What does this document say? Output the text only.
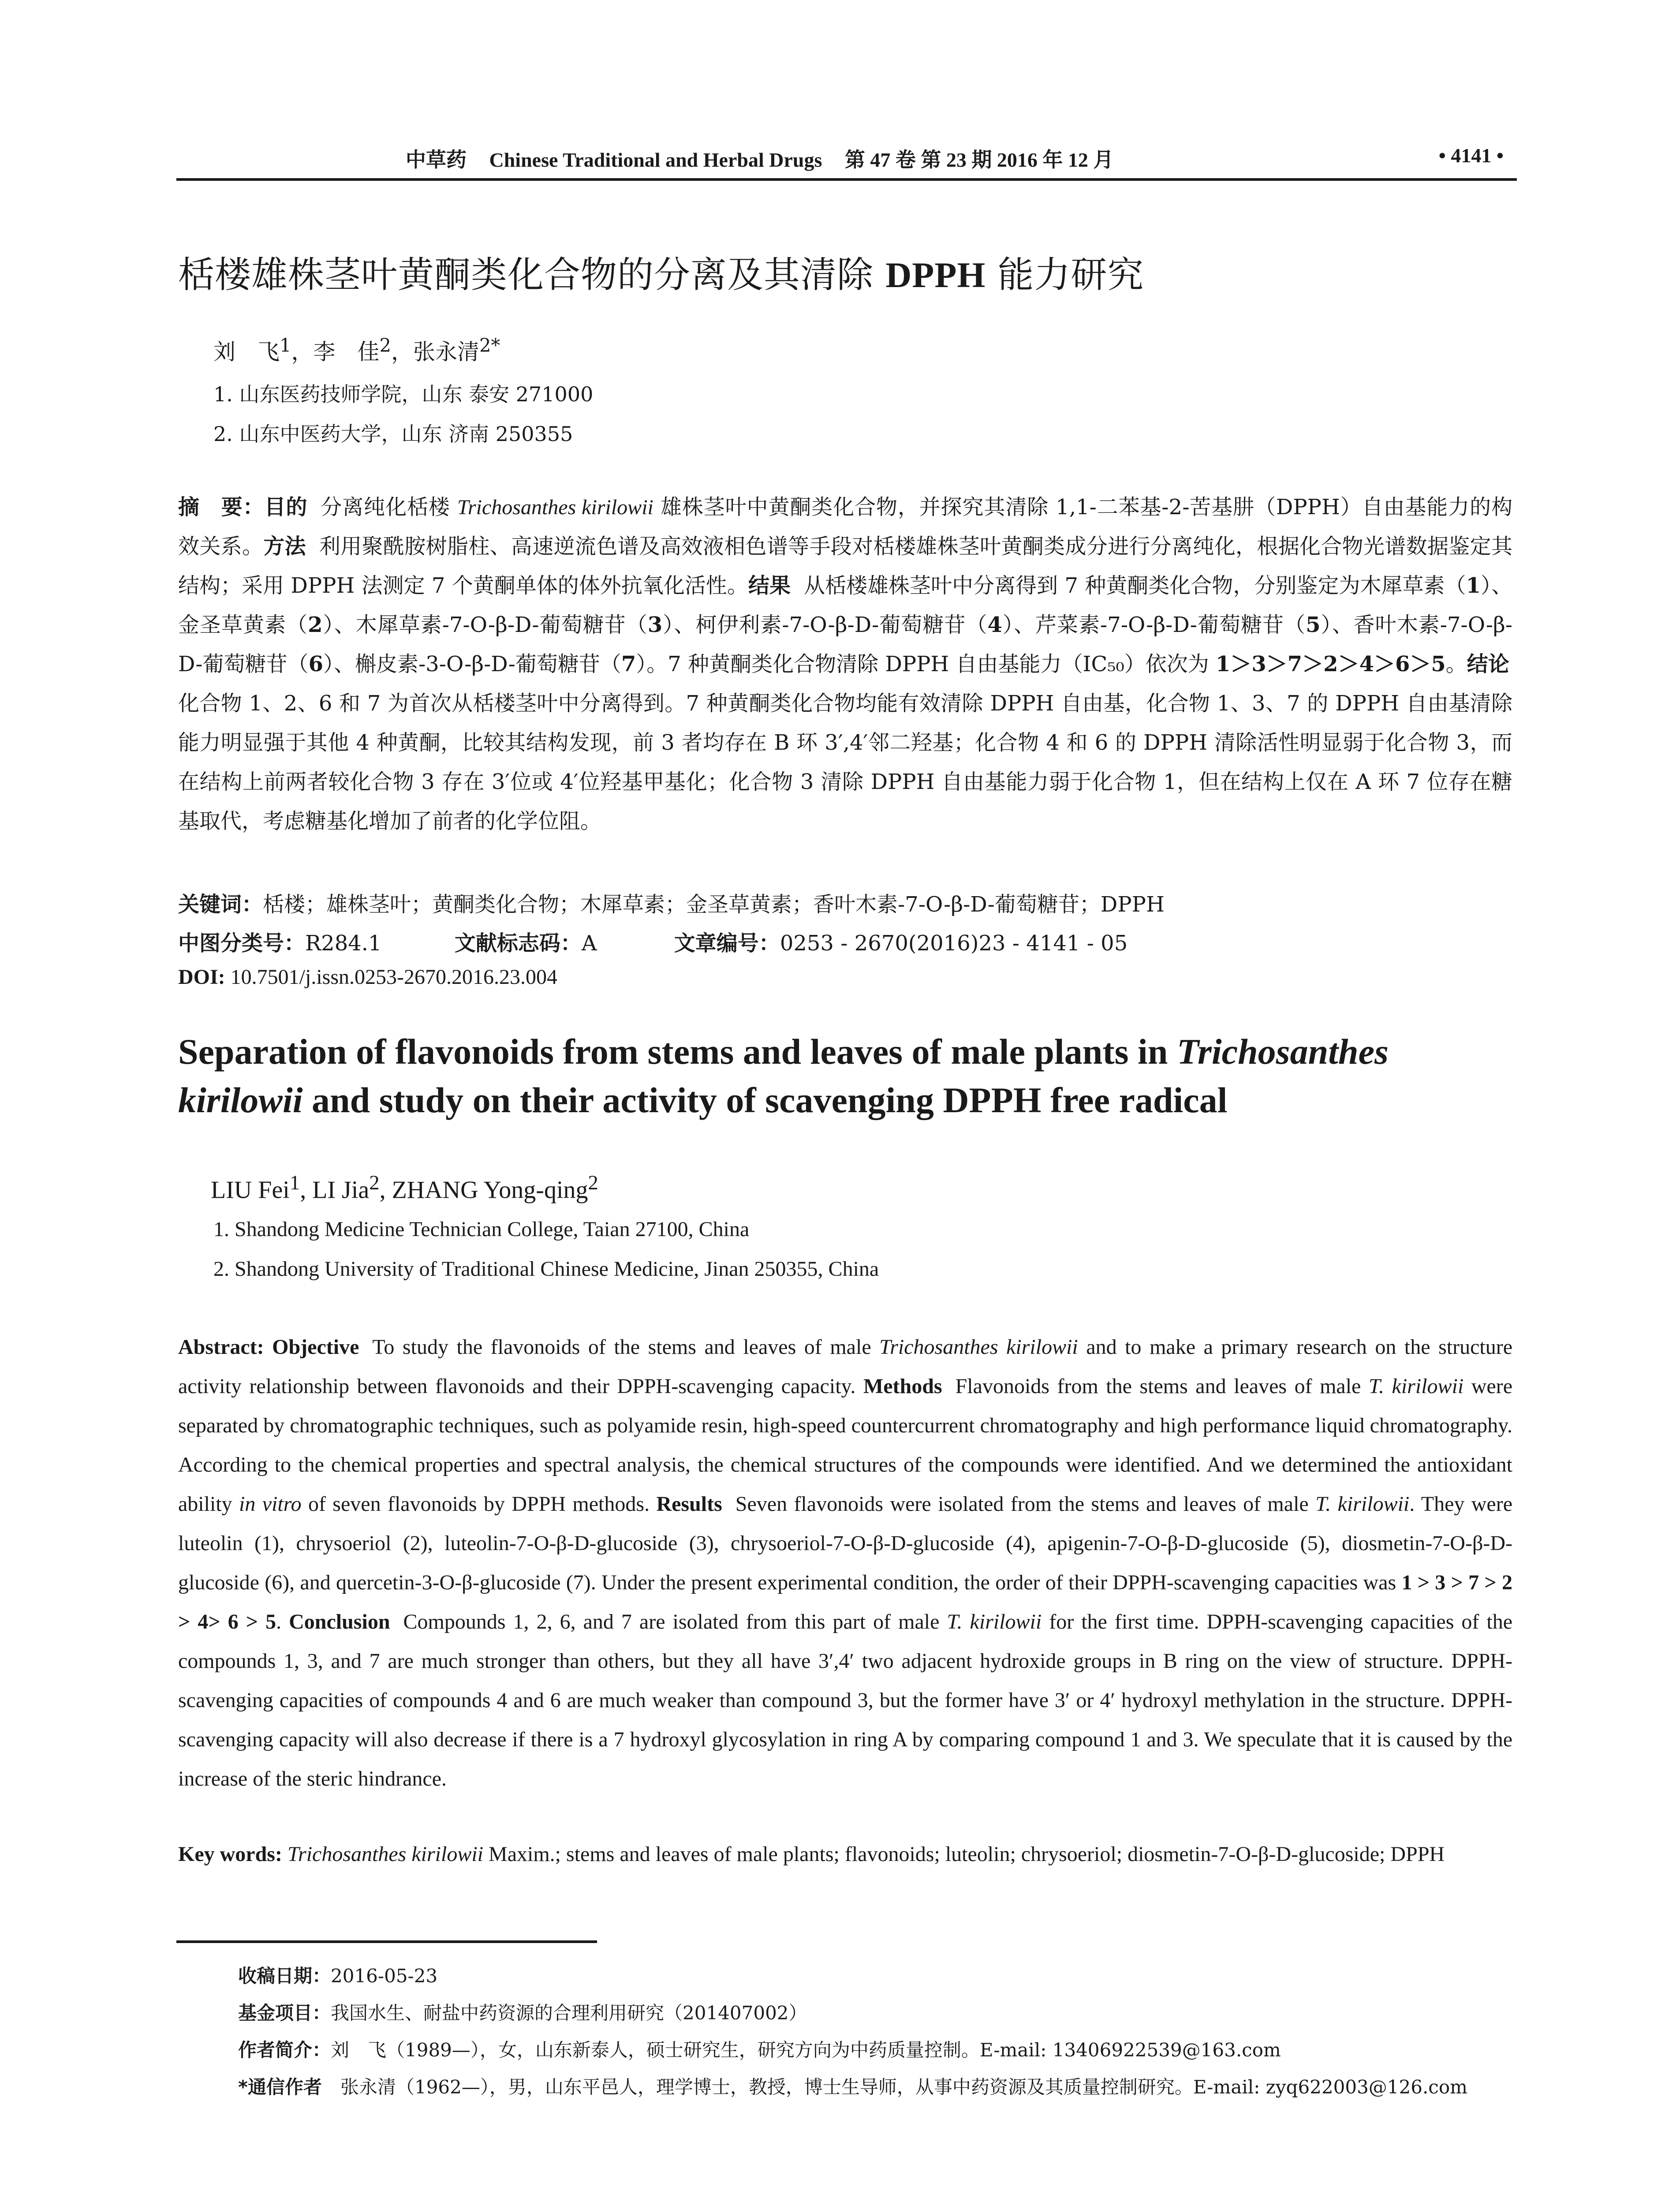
中草药 Chinese Traditional and Herbal Drugs 第 47 卷 第 23 期 2016 年 12 月	• 4141 •
栝楼雄株茎叶黄酮类化合物的分离及其清除 DPPH 能力研究
刘　飞$^1$，李　佳$^2$，张永清$^{2*}$
1. 山东医药技师学院，山东 泰安 271000
2. 山东中医药大学，山东 济南 250355
摘　要：目的 分离纯化栝楼 Trichosanthes kirilowii 雄株茎叶中黄酮类化合物，并探究其清除 1,1-二苯基-2-苦基肼（DPPH）自由基能力的构效关系。方法 利用聚酰胺树脂柱、高速逆流色谱及高效液相色谱等手段对栝楼雄株茎叶黄酮类成分进行分离纯化，根据化合物光谱数据鉴定其结构；采用 DPPH 法测定 7 个黄酮单体的体外抗氧化活性。结果 从栝楼雄株茎叶中分离得到 7 种黄酮类化合物，分别鉴定为木犀草素（1）、金圣草黄素（2）、木犀草素-7-O-β-D-葡萄糖苷（3）、柯伊利素-7-O-β-D-葡萄糖苷（4）、芹菜素-7-O-β-D-葡萄糖苷（5）、香叶木素-7-O-β-D-葡萄糖苷（6）、槲皮素-3-O-β-D-葡萄糖苷（7）。7 种黄酮类化合物清除 DPPH 自由基能力（IC₅₀）依次为 1＞3＞7＞2＞4＞6＞5。结论化合物 1、2、6 和 7 为首次从栝楼茎叶中分离得到。7 种黄酮类化合物均能有效清除 DPPH 自由基，化合物 1、3、7 的 DPPH 自由基清除能力明显强于其他 4 种黄酮，比较其结构发现，前 3 者均存在 B 环 3′,4′邻二羟基；化合物 4 和 6 的 DPPH 清除活性明显弱于化合物 3，而在结构上前两者较化合物 3 存在 3′位或 4′位羟基甲基化；化合物 3 清除 DPPH 自由基能力弱于化合物 1，但在结构上仅在 A 环 7 位存在糖基取代，考虑糖基化增加了前者的化学位阻。
关键词：栝楼；雄株茎叶；黄酮类化合物；木犀草素；金圣草黄素；香叶木素-7-O-β-D-葡萄糖苷；DPPH
中图分类号：R284.1	文献标志码：A	文章编号：0253 - 2670(2016)23 - 4141 - 05
DOI: 10.7501/j.issn.0253-2670.2016.23.004
Separation of flavonoids from stems and leaves of male plants in Trichosanthes kirilowii and study on their activity of scavenging DPPH free radical
LIU Fei$^1$, LI Jia$^2$, ZHANG Yong-qing$^2$
1. Shandong Medicine Technician College, Taian 27100, China
2. Shandong University of Traditional Chinese Medicine, Jinan 250355, China
Abstract: Objective To study the flavonoids of the stems and leaves of male Trichosanthes kirilowii and to make a primary research on the structure activity relationship between flavonoids and their DPPH-scavenging capacity. Methods Flavonoids from the stems and leaves of male T. kirilowii were separated by chromatographic techniques, such as polyamide resin, high-speed countercurrent chromatography and high performance liquid chromatography. According to the chemical properties and spectral analysis, the chemical structures of the compounds were identified. And we determined the antioxidant ability in vitro of seven flavonoids by DPPH methods. Results Seven flavonoids were isolated from the stems and leaves of male T. kirilowii. They were luteolin (1), chrysoeriol (2), luteolin-7-O-β-D-glucoside (3), chrysoeriol-7-O-β-D-glucoside (4), apigenin-7-O-β-D-glucoside (5), diosmetin-7-O-β-D-glucoside (6), and quercetin-3-O-β-glucoside (7). Under the present experimental condition, the order of their DPPH-scavenging capacities was 1 > 3 > 7 > 2 > 4> 6 > 5. Conclusion Compounds 1, 2, 6, and 7 are isolated from this part of male T. kirilowii for the first time. DPPH-scavenging capacities of the compounds 1, 3, and 7 are much stronger than others, but they all have 3′,4′ two adjacent hydroxide groups in B ring on the view of structure. DPPH-scavenging capacities of compounds 4 and 6 are much weaker than compound 3, but the former have 3′ or 4′ hydroxyl methylation in the structure. DPPH-scavenging capacity will also decrease if there is a 7 hydroxyl glycosylation in ring A by comparing compound 1 and 3. We speculate that it is caused by the increase of the steric hindrance.
Key words: Trichosanthes kirilowii Maxim.; stems and leaves of male plants; flavonoids; luteolin; chrysoeriol; diosmetin-7-O-β-D-glucoside; DPPH
收稿日期：2016-05-23
基金项目：我国水生、耐盐中药资源的合理利用研究（201407002）
作者简介：刘　飞（1989—），女，山东新泰人，硕士研究生，研究方向为中药质量控制。E-mail: 13406922539@163.com
*通信作者　张永清（1962—），男，山东平邑人，理学博士，教授，博士生导师，从事中药资源及其质量控制研究。E-mail: zyq622003@126.com
